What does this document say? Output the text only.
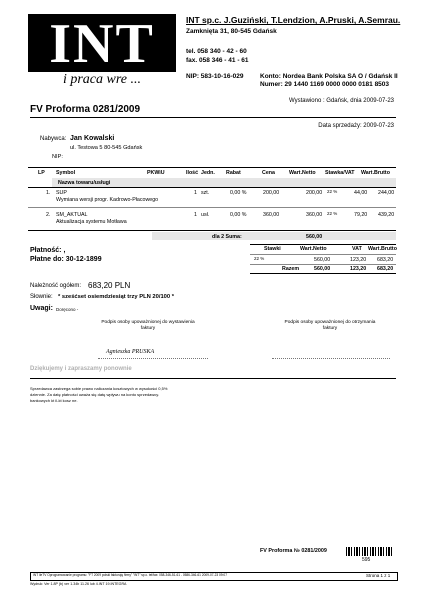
INT
i praca wre ...
INT sp.c. J.Guziński, T.Lendzion, A.Pruski, A.Semrau.
Zamknięta 31, 80-545 Gdańsk
tel. 058 340 - 42 - 60
fax. 058 346 - 41 - 61
NIP: 583-10-16-029	Konto: Nordea Bank Polska SA O / Gdańsk II
Numer: 29 1440 1169 0000 0000 0181 8503
Wystawiono : Gdańsk, dnia 2009-07-23
FV Proforma 0281/2009
Data sprzedaży: 2009-07-23
Nabywca: Jan Kowalski
ul. Testowa 5 80-545 Gdańsk
NIP:
LP Symbol	PKWiU	Ilość Jedn. Rabat	Cena	Wart.Netto Stawka/VAT Wart.Brutto
Nazwa towaru/usługi
1. SUP
Wymiana wersji progr. Kadrowo-Płacowego
1 szt.	0,00 %	200,00	200,00 22 %	44,00 244,00
2. SM_AKTUAL
Aktualizacja systemu Motława
1 usł.	0,00 %	360,00	360,00 22 %	79,20 439,20
dla 2 Suma:	560,00
Stawki	Wart.Netto	VAT Wart.Brutto
22 %	560,00	123,20 683,20
Razem	560,00	123,20 683,20
Płatność: ,
Płatne do: 30-12-1899
Należność ogółem: 683,20 PLN
Słownie: * sześćset osiemdziesiąt trzy PLN 20/100 *
Uwagi: Doręcono -
Podpis osoby upoważnionej do wystawienia
faktury
Agnieszka PRUSKA
Podpis osoby upoważnionej do otrzymania
faktury
Dziękujemy i zapraszamy ponownie
Sprzedawca zastrzega sobie prawo naliczania kosztowych w wysokości 0,5%
dziennie. Za datę płatności uważa się datę wpływu na konto sprzedawcy.
bankowych kt il-kt kosz ne.
FV Proforma № 0281/2009
595
INT IleTV Oprogramowanie programu: "FT 2009 polski fakturuję firmy" "INT" sp.c. tel/fax: 058-346-51-61 - 0586-346-61 2009-07-23 09:07	Strona 1 z 1
Wydruk: Ver 1.8P (b) ver 1.34b 11.26 lub 4.INT 19.INTEGRA
